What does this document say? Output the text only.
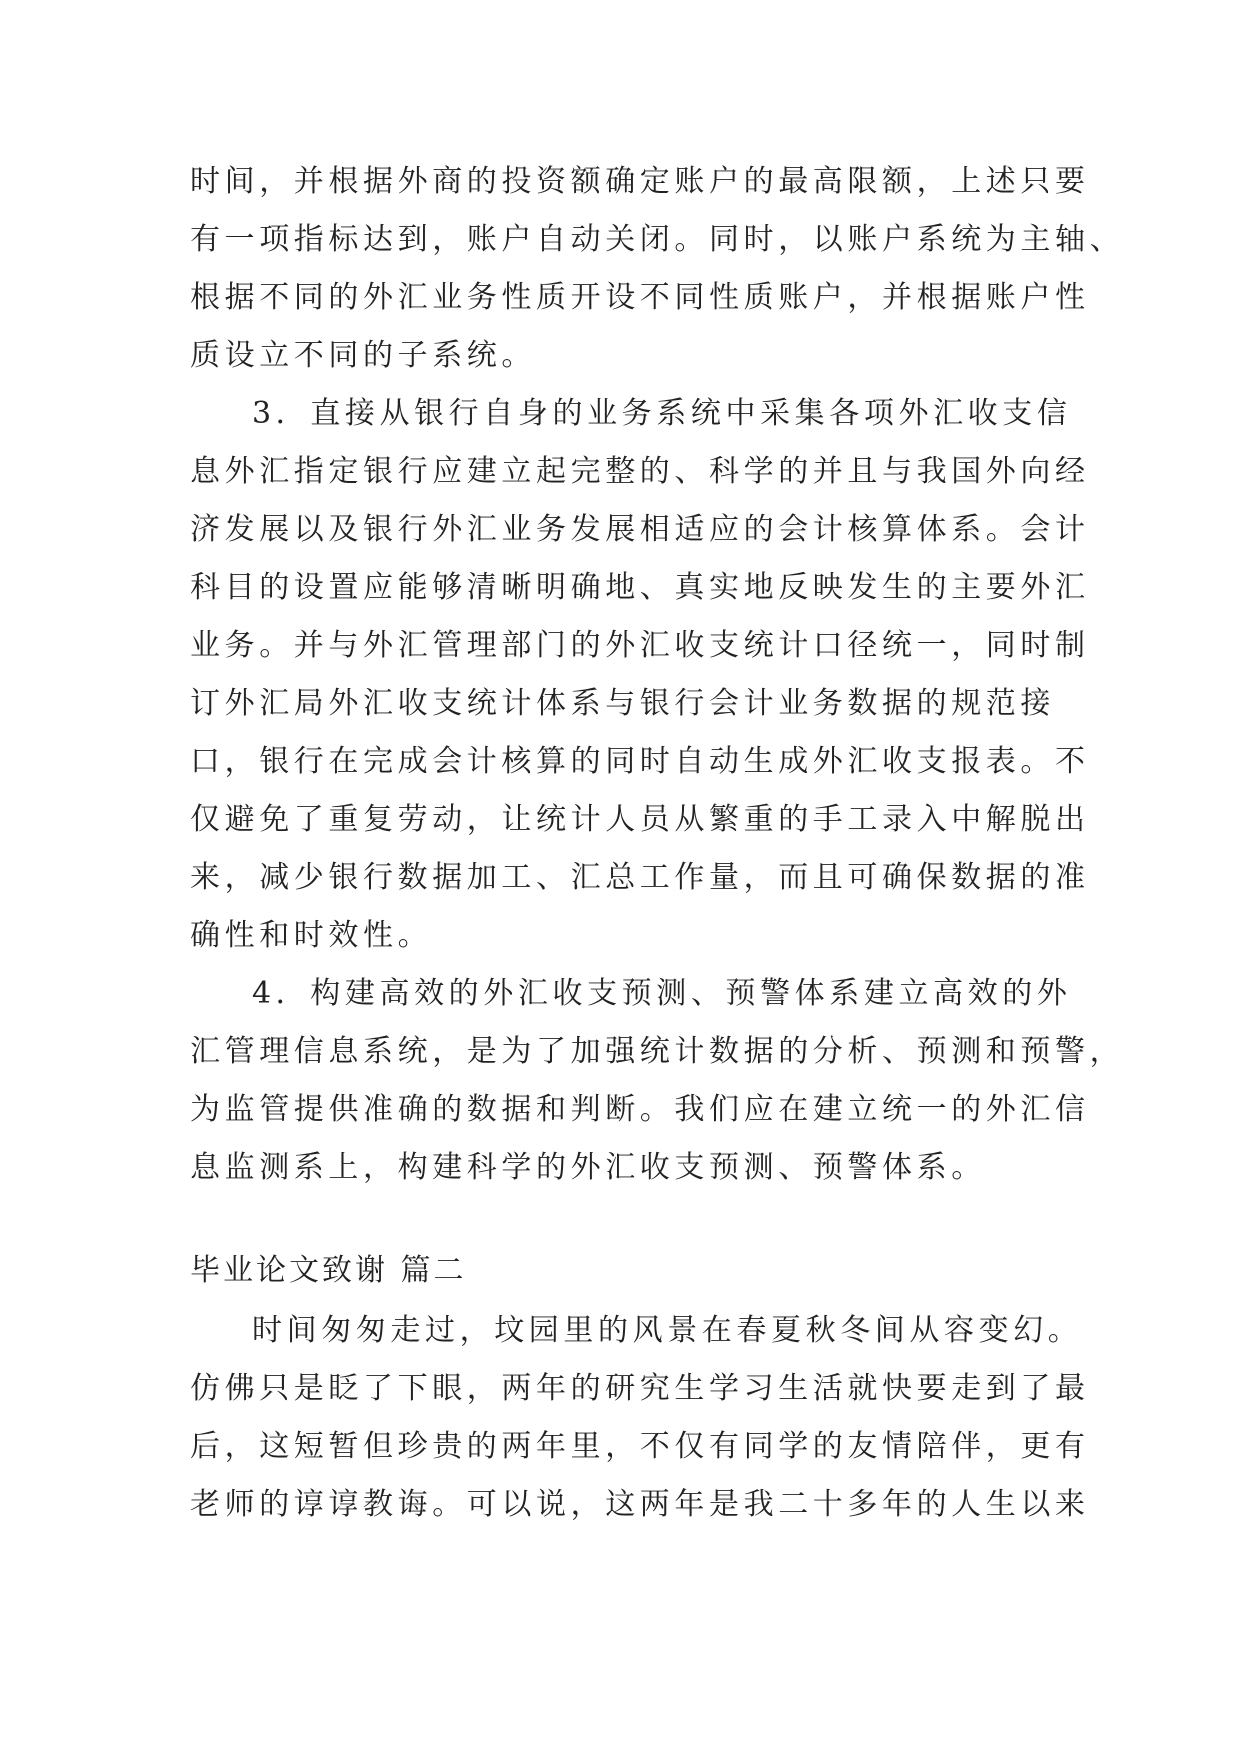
时间，并根据外商的投资额确定账户的最高限额，上述只要
有一项指标达到，账户自动关闭。同时，以账户系统为主轴、
根据不同的外汇业务性质开设不同性质账户，并根据账户性
质设立不同的子系统。
3．直接从银行自身的业务系统中采集各项外汇收支信
息外汇指定银行应建立起完整的、科学的并且与我国外向经
济发展以及银行外汇业务发展相适应的会计核算体系。会计
科目的设置应能够清晰明确地、真实地反映发生的主要外汇
业务。并与外汇管理部门的外汇收支统计口径统一，同时制
订外汇局外汇收支统计体系与银行会计业务数据的规范接
口，银行在完成会计核算的同时自动生成外汇收支报表。不
仅避免了重复劳动，让统计人员从繁重的手工录入中解脱出
来，减少银行数据加工、汇总工作量，而且可确保数据的准
确性和时效性。
4．构建高效的外汇收支预测、预警体系建立高效的外
汇管理信息系统，是为了加强统计数据的分析、预测和预警，
为监管提供准确的数据和判断。我们应在建立统一的外汇信
息监测系上，构建科学的外汇收支预测、预警体系。
毕业论文致谢 篇二
时间匆匆走过，坟园里的风景在春夏秋冬间从容变幻。
仿佛只是眨了下眼，两年的研究生学习生活就快要走到了最
后，这短暂但珍贵的两年里，不仅有同学的友情陪伴，更有
老师的谆谆教诲。可以说，这两年是我二十多年的人生以来
